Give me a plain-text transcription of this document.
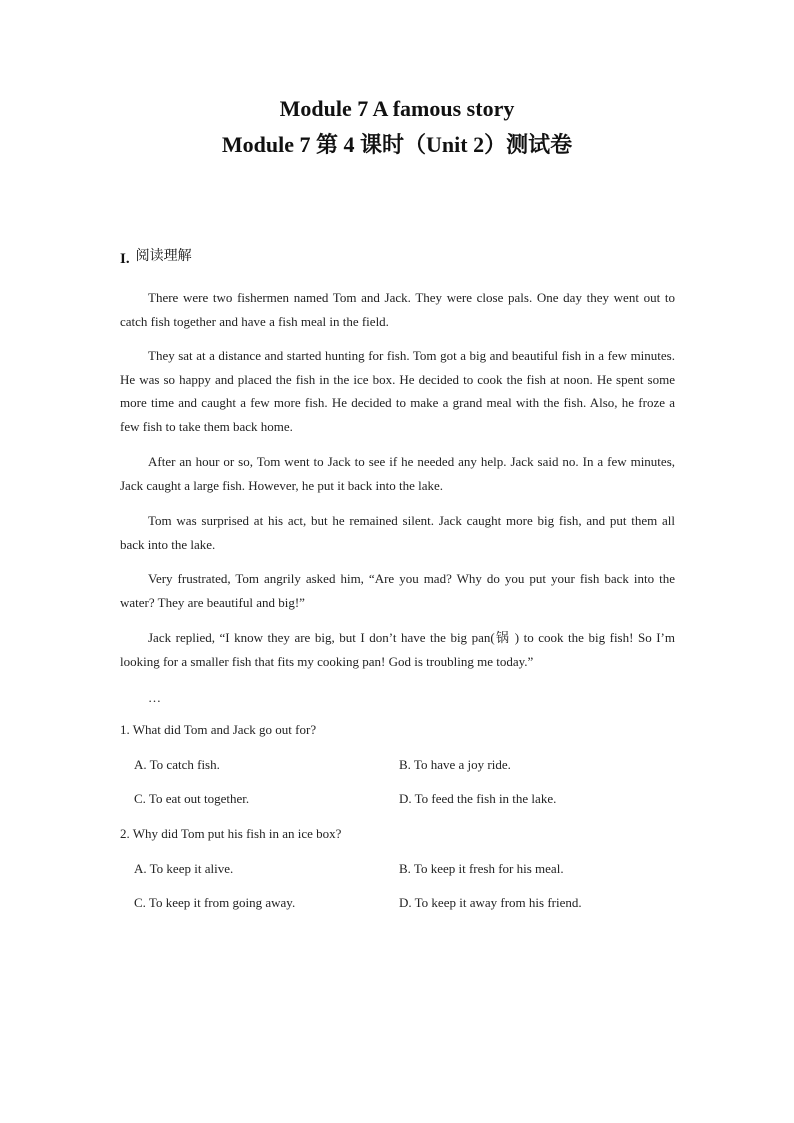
Module 7 A famous story
Module 7 第 4 课时（Unit 2）测试卷
I. 阅读理解

There were two fishermen named Tom and Jack. They were close pals. One day they went out to catch fish together and have a fish meal in the field.

They sat at a distance and started hunting for fish. Tom got a big and beautiful fish in a few minutes. He was so happy and placed the fish in the ice box. He decided to cook the fish at noon. He spent some more time and caught a few more fish. He decided to make a grand meal with the fish. Also, he froze a few fish to take them back home.

After an hour or so, Tom went to Jack to see if he needed any help. Jack said no. In a few minutes, Jack caught a large fish. However, he put it back into the lake.

Tom was surprised at his act, but he remained silent. Jack caught more big fish, and put them all back into the lake.

Very frustrated, Tom angrily asked him, “Are you mad? Why do you put your fish back into the water? They are beautiful and big!”

Jack replied, “I know they are big, but I don’t have the big pan(锅 ) to cook the big fish! So I’m looking for a smaller fish that fits my cooking pan! God is troubling me today.”

…

1. What did Tom and Jack go out for?
A. To catch fish.	B. To have a joy ride.
C. To eat out together.	D. To feed the fish in the lake.
2. Why did Tom put his fish in an ice box?
A. To keep it alive.	B. To keep it fresh for his meal.
C. To keep it from going away.	D. To keep it away from his friend.
